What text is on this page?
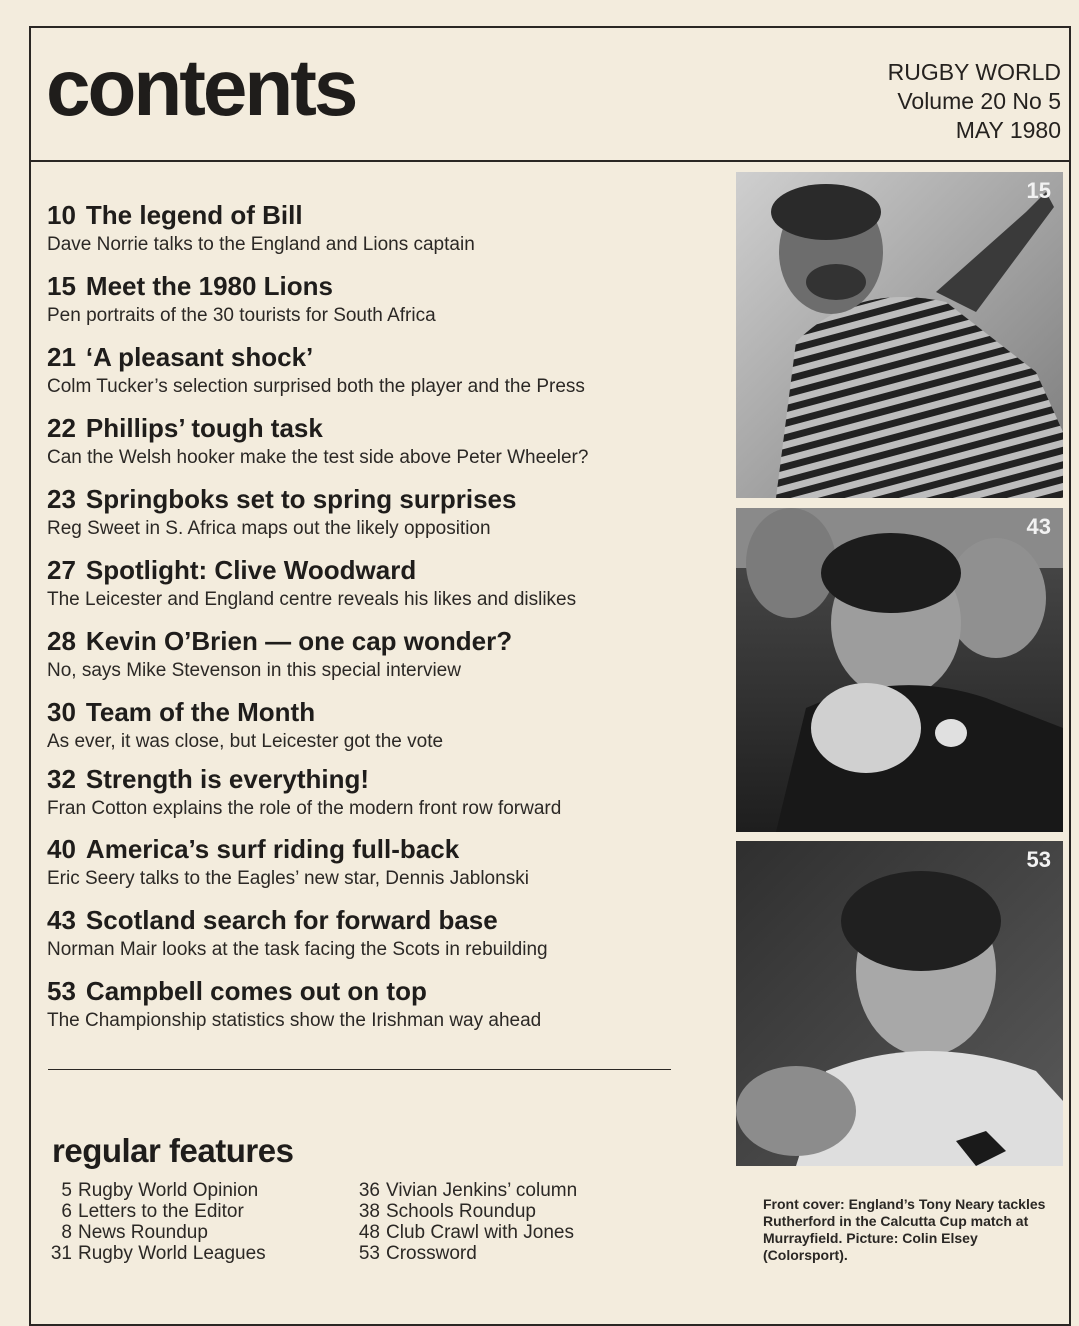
contents	RUGBY WORLD
Volume 20 No 5
MAY 1980
10 The legend of Bill
Dave Norrie talks to the England and Lions captain
15 Meet the 1980 Lions
Pen portraits of the 30 tourists for South Africa
21 ‘A pleasant shock’
Colm Tucker’s selection surprised both the player and the Press
22 Phillips’ tough task
Can the Welsh hooker make the test side above Peter Wheeler?
23 Springboks set to spring surprises
Reg Sweet in S. Africa maps out the likely opposition
27 Spotlight: Clive Woodward
The Leicester and England centre reveals his likes and dislikes
28 Kevin O’Brien — one cap wonder?
No, says Mike Stevenson in this special interview
30 Team of the Month
As ever, it was close, but Leicester got the vote
32 Strength is everything!
Fran Cotton explains the role of the modern front row forward
40 America’s surf riding full-back
Eric Seery talks to the Eagles’ new star, Dennis Jablonski
43 Scotland search for forward base
Norman Mair looks at the task facing the Scots in rebuilding
53 Campbell comes out on top
The Championship statistics show the Irishman way ahead
regular features
5 Rugby World Opinion
6 Letters to the Editor
8 News Roundup
31 Rugby World Leagues
36 Vivian Jenkins’ column
38 Schools Roundup
48 Club Crawl with Jones
53 Crossword
15
43
53
Front cover: England’s Tony Neary tackles Rutherford in the Calcutta Cup match at Murrayfield. Picture: Colin Elsey (Colorsport).
